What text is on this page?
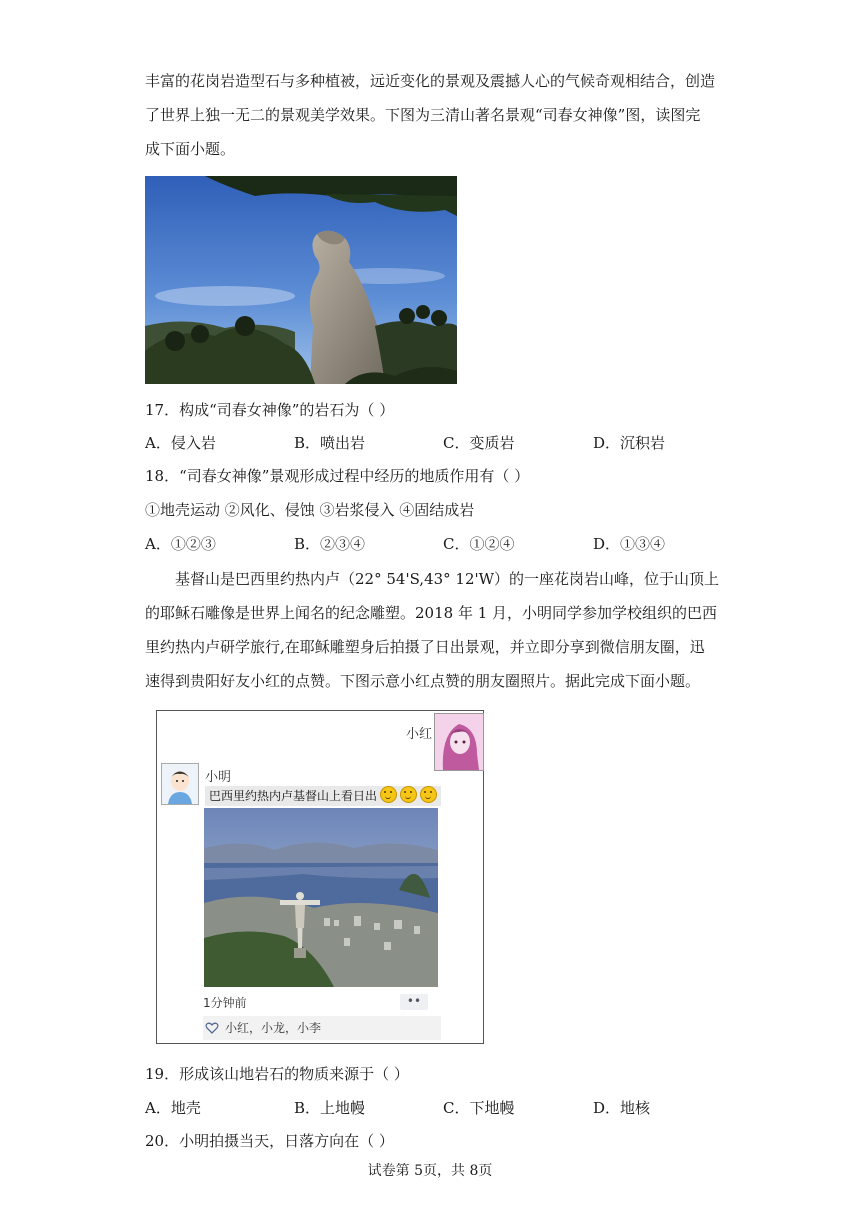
丰富的花岗岩造型石与多种植被，远近变化的景观及震撼人心的气候奇观相结合，创造
了世界上独一无二的景观美学效果。下图为三清山著名景观“司春女神像”图，读图完
成下面小题。
17．构成“司春女神像”的岩石为（ ）
A．侵入岩	B．喷出岩	C．变质岩	D．沉积岩
18．“司春女神像”景观形成过程中经历的地质作用有（ ）
①地壳运动 ②风化、侵蚀 ③岩浆侵入 ④固结成岩
A．①②③	B．②③④	C．①②④	D．①③④
基督山是巴西里约热内卢（22° 54'S,43° 12'W）的一座花岗岩山峰，位于山顶上
的耶稣石雕像是世界上闻名的纪念雕塑。2018 年 1 月，小明同学参加学校组织的巴西
里约热内卢研学旅行,在耶稣雕塑身后拍摄了日出景观，并立即分享到微信朋友圈，迅
速得到贵阳好友小红的点赞。下图示意小红点赞的朋友圈照片。据此完成下面小题。
小红
小明
巴西里约热内卢基督山上看日出
1分钟前	••
小红，小龙，小李
19．形成该山地岩石的物质来源于（ ）
A．地壳	B．上地幔	C．下地幔	D．地核
20．小明拍摄当天，日落方向在（ ）
试卷第 5页，共 8页
